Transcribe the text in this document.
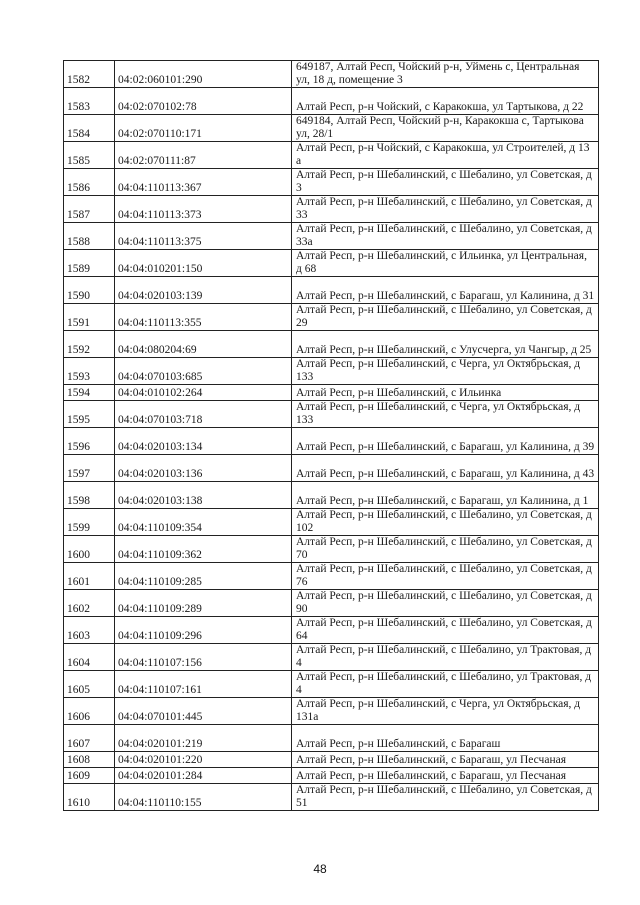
1582	04:02:060101:290	649187, Алтай Респ, Чойский р-н, Уймень с, Центральная ул, 18 д, помещение 3
1583	04:02:070102:78	Алтай Респ, р-н Чойский, с Каракокша, ул Тартыкова, д 22
1584	04:02:070110:171	649184, Алтай Респ, Чойский р-н, Каракокша с, Тартыкова ул, 28/1
1585	04:02:070111:87	Алтай Респ, р-н Чойский, с Каракокша, ул Строителей, д 13 а
1586	04:04:110113:367	Алтай Респ, р-н Шебалинский, с Шебалино, ул Советская, д 3
1587	04:04:110113:373	Алтай Респ, р-н Шебалинский, с Шебалино, ул Советская, д 33
1588	04:04:110113:375	Алтай Респ, р-н Шебалинский, с Шебалино, ул Советская, д 33а
1589	04:04:010201:150	Алтай Респ, р-н Шебалинский, с Ильинка, ул Центральная, д 68
1590	04:04:020103:139	Алтай Респ, р-н Шебалинский, с Барагаш, ул Калинина, д 31
1591	04:04:110113:355	Алтай Респ, р-н Шебалинский, с Шебалино, ул Советская, д 29
1592	04:04:080204:69	Алтай Респ, р-н Шебалинский, с Улусчерга, ул Чангыр, д 25
1593	04:04:070103:685	Алтай Респ, р-н Шебалинский, с Черга, ул Октябрьская, д 133
1594	04:04:010102:264	Алтай Респ, р-н Шебалинский, с Ильинка
1595	04:04:070103:718	Алтай Респ, р-н Шебалинский, с Черга, ул Октябрьская, д 133
1596	04:04:020103:134	Алтай Респ, р-н Шебалинский, с Барагаш, ул Калинина, д 39
1597	04:04:020103:136	Алтай Респ, р-н Шебалинский, с Барагаш, ул Калинина, д 43
1598	04:04:020103:138	Алтай Респ, р-н Шебалинский, с Барагаш, ул Калинина, д 1
1599	04:04:110109:354	Алтай Респ, р-н Шебалинский, с Шебалино, ул Советская, д 102
1600	04:04:110109:362	Алтай Респ, р-н Шебалинский, с Шебалино, ул Советская, д 70
1601	04:04:110109:285	Алтай Респ, р-н Шебалинский, с Шебалино, ул Советская, д 76
1602	04:04:110109:289	Алтай Респ, р-н Шебалинский, с Шебалино, ул Советская, д 90
1603	04:04:110109:296	Алтай Респ, р-н Шебалинский, с Шебалино, ул Советская, д 64
1604	04:04:110107:156	Алтай Респ, р-н Шебалинский, с Шебалино, ул Трактовая, д 4
1605	04:04:110107:161	Алтай Респ, р-н Шебалинский, с Шебалино, ул Трактовая, д 4
1606	04:04:070101:445	Алтай Респ, р-н Шебалинский, с Черга, ул Октябрьская, д 131а
1607	04:04:020101:219	Алтай Респ, р-н Шебалинский, с Барагаш
1608	04:04:020101:220	Алтай Респ, р-н Шебалинский, с Барагаш, ул Песчаная
1609	04:04:020101:284	Алтай Респ, р-н Шебалинский, с Барагаш, ул Песчаная
1610	04:04:110110:155	Алтай Респ, р-н Шебалинский, с Шебалино, ул Советская, д 51
48
